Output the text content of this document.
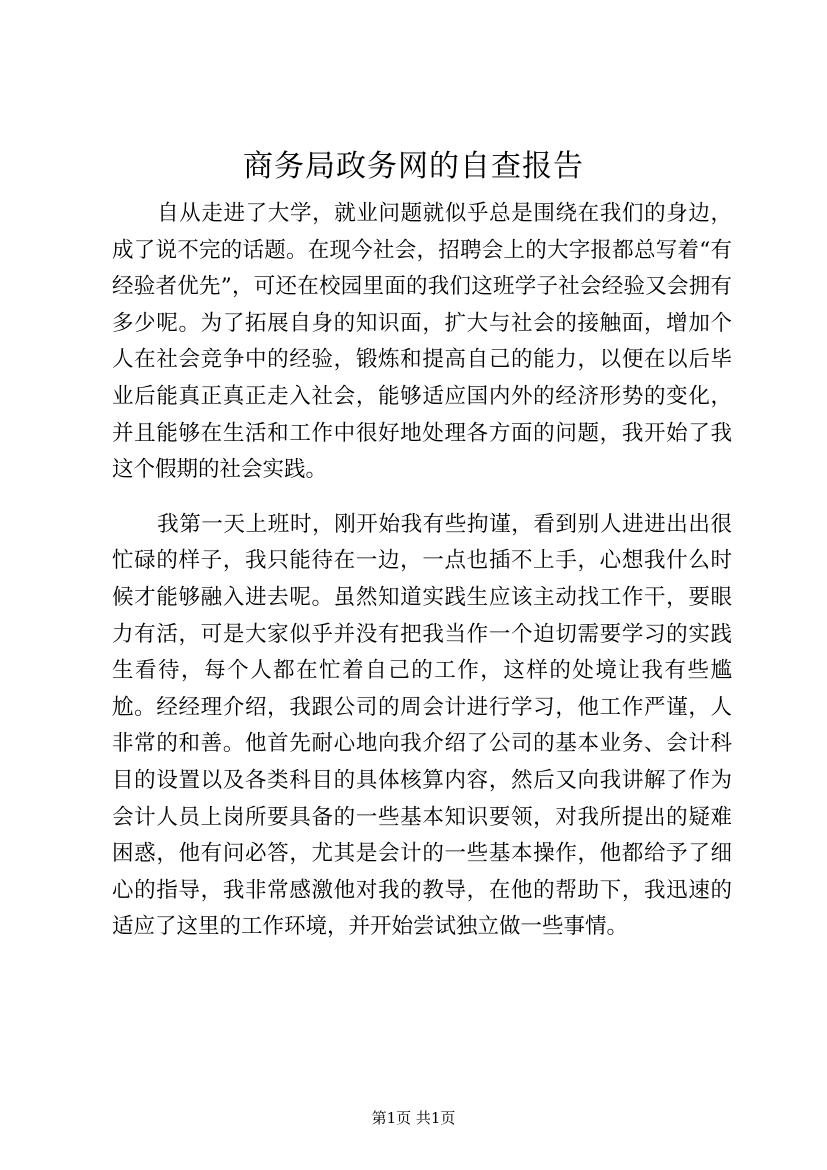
商务局政务网的自查报告

自从走进了大学，就业问题就似乎总是围绕在我们的身边，成了说不完的话题。在现今社会，招聘会上的大字报都总写着“有经验者优先”，可还在校园里面的我们这班学子社会经验又会拥有多少呢。为了拓展自身的知识面，扩大与社会的接触面，增加个人在社会竞争中的经验，锻炼和提高自己的能力，以便在以后毕业后能真正真正走入社会，能够适应国内外的经济形势的变化，并且能够在生活和工作中很好地处理各方面的问题，我开始了我这个假期的社会实践。

我第一天上班时，刚开始我有些拘谨，看到别人进进出出很忙碌的样子，我只能待在一边，一点也插不上手，心想我什么时候才能够融入进去呢。虽然知道实践生应该主动找工作干，要眼力有活，可是大家似乎并没有把我当作一个迫切需要学习的实践生看待，每个人都在忙着自己的工作，这样的处境让我有些尴尬。经经理介绍，我跟公司的周会计进行学习，他工作严谨，人非常的和善。他首先耐心地向我介绍了公司的基本业务、会计科目的设置以及各类科目的具体核算内容，然后又向我讲解了作为会计人员上岗所要具备的一些基本知识要领，对我所提出的疑难困惑，他有问必答，尤其是会计的一些基本操作，他都给予了细心的指导，我非常感激他对我的教导，在他的帮助下，我迅速的适应了这里的工作环境，并开始尝试独立做一些事情。

第1页 共1页
